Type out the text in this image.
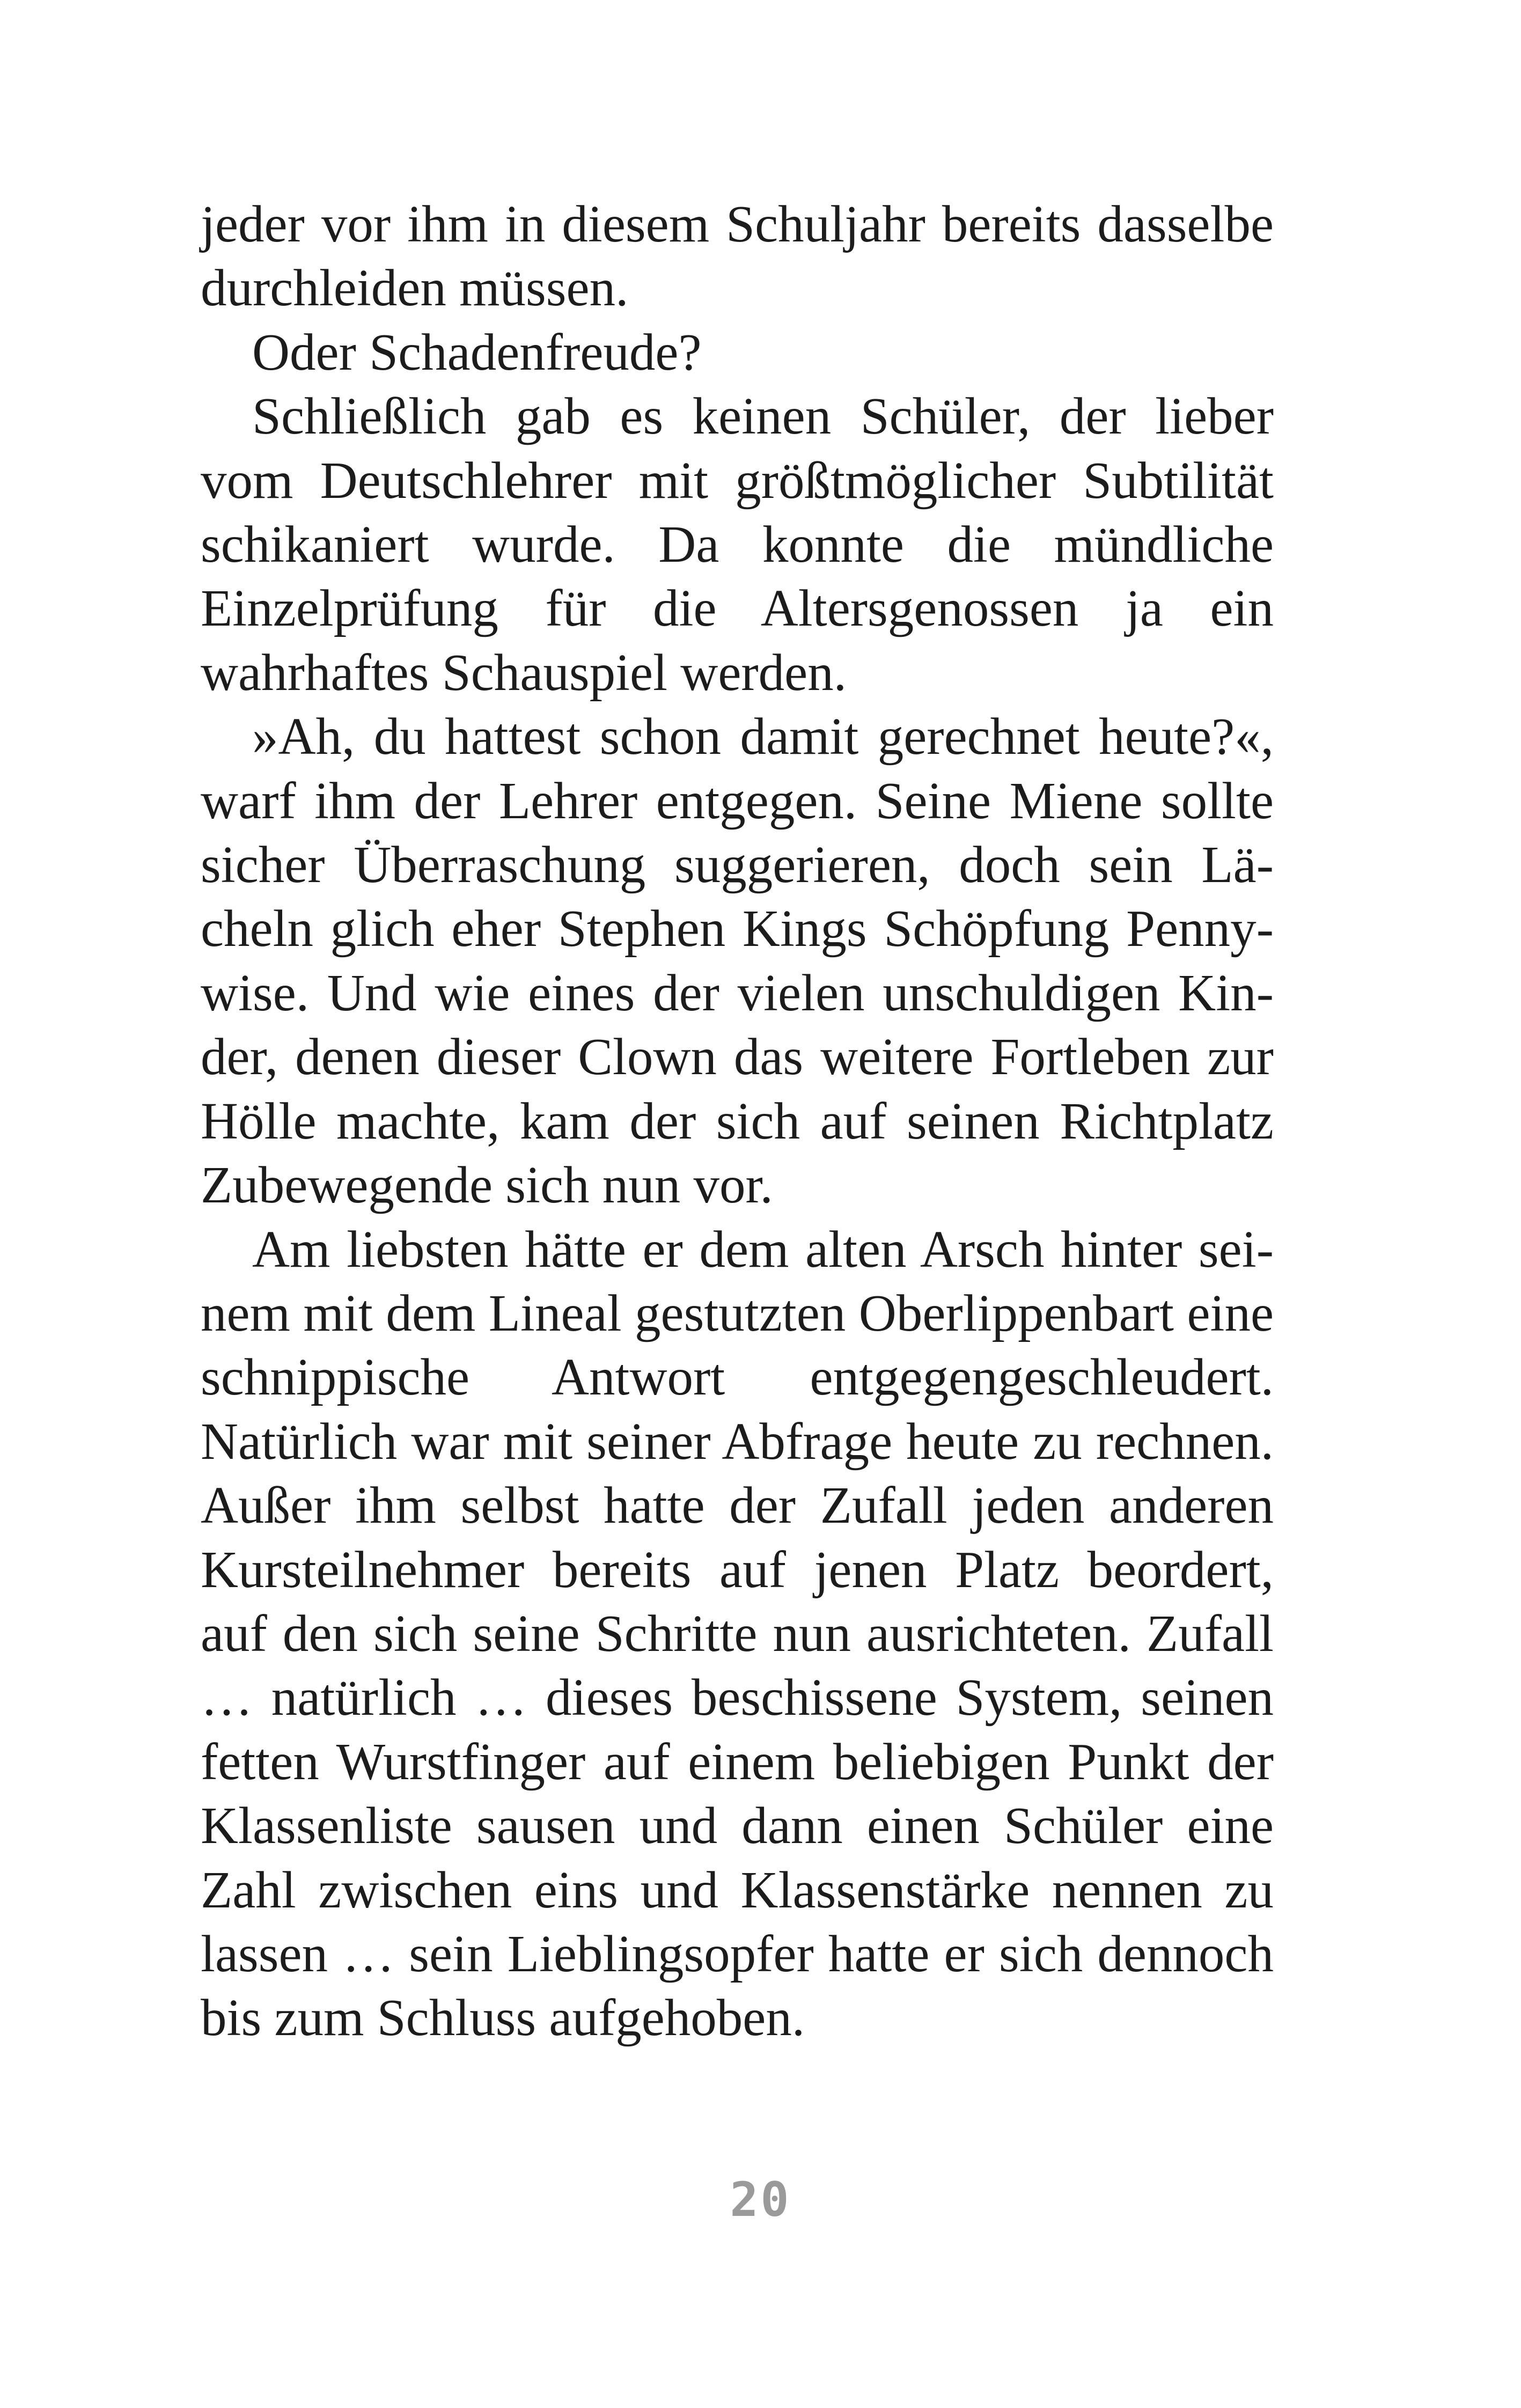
jeder vor ihm in diesem Schuljahr bereits dasselbe durchleiden müssen.

Oder Schadenfreude?

Schließlich gab es keinen Schüler, der lieber vom Deutschlehrer mit größtmöglicher Subtilität schikaniert wurde. Da konnte die mündliche Einzelprüfung für die Altersgenossen ja ein wahrhaftes Schauspiel werden.

»Ah, du hattest schon damit gerechnet heute?«, warf ihm der Lehrer entgegen. Seine Miene sollte sicher Überraschung suggerieren, doch sein Lächeln glich eher Stephen Kings Schöpfung Pennywise. Und wie eines der vielen unschuldigen Kinder, denen dieser Clown das weitere Fortleben zur Hölle machte, kam der sich auf seinen Richtplatz Zubewegende sich nun vor.

Am liebsten hätte er dem alten Arsch hinter seinem mit dem Lineal gestutzten Oberlippenbart eine schnippische Antwort entgegengeschleudert. Natürlich war mit seiner Abfrage heute zu rechnen. Außer ihm selbst hatte der Zufall jeden anderen Kursteilnehmer bereits auf jenen Platz beordert, auf den sich seine Schritte nun ausrichteten. Zufall … natürlich … dieses beschissene System, seinen fetten Wurstfinger auf einem beliebigen Punkt der Klassenliste sausen und dann einen Schüler eine Zahl zwischen eins und Klassenstärke nennen zu lassen … sein Lieblingsopfer hatte er sich dennoch bis zum Schluss aufgehoben.

20
